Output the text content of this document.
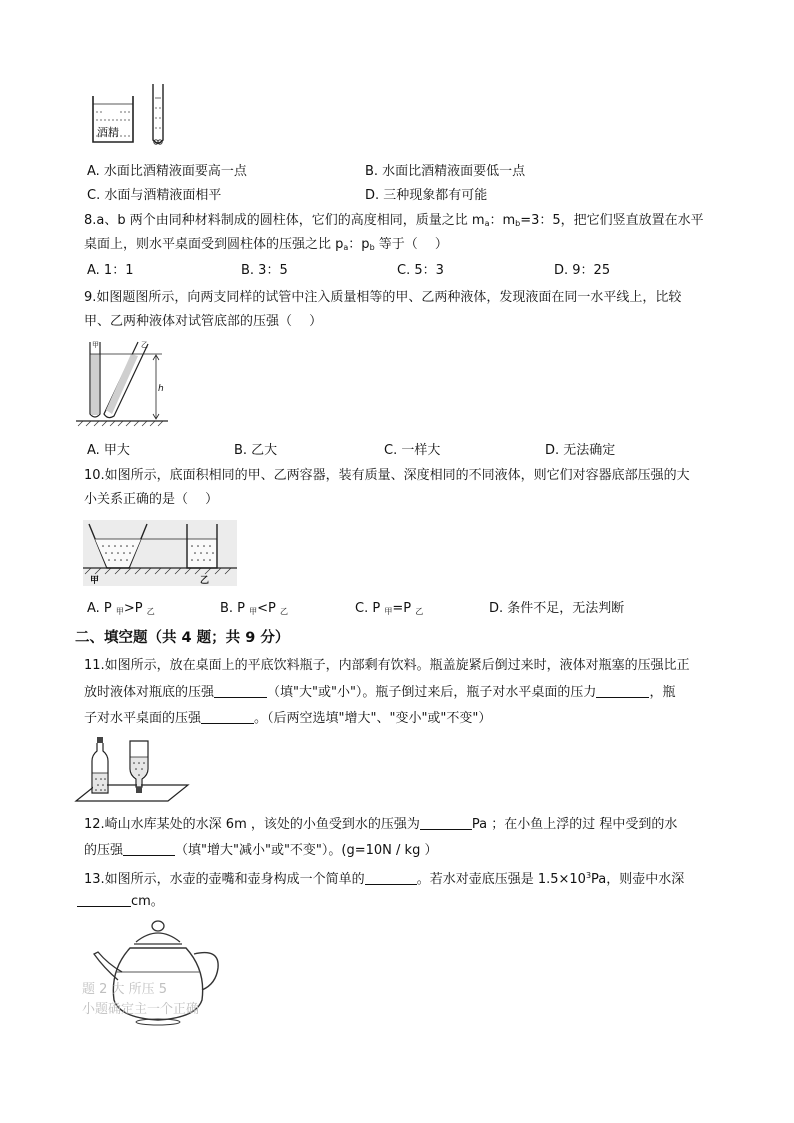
酒精
A. 水面比酒精液面要高一点	B. 水面比酒精液面要低一点
C. 水面与酒精液面相平	D. 三种现象都有可能
8.a、b 两个由同种材料制成的圆柱体，它们的高度相同，质量之比 $m_a$：$m_b=3$：5，把它们竖直放置在水平
桌面上，则水平桌面受到圆柱体的压强之比 $p_a$：$p_b$ 等于（　 ）
A. 1：1	B. 3：5	C. 5：3	D. 9：25
9.如图题图所示，向两支同样的试管中注入质量相等的甲、乙两种液体，发现液面在同一水平线上，比较
甲、乙两种液体对试管底部的压强（　 ）
甲	乙
h
A. 甲大	B. 乙大	C. 一样大	D. 无法确定
10.如图所示，底面积相同的甲、乙两容器，装有质量、深度相同的不同液体，则它们对容器底部压强的大
小关系正确的是（　 ）
甲	乙
A. P $_甲$>P $_乙$	B. P $_甲$<P $_乙$	C. P $_甲$=P $_乙$	D. 条件不足，无法判断
二、填空题（共 4 题；共 9 分）
11.如图所示，放在桌面上的平底饮料瓶子，内部剩有饮料。瓶盖旋紧后倒过来时，液体对瓶塞的压强比正
放时液体对瓶底的压强	（填"大"或"小"）。瓶子倒过来后，瓶子对水平桌面的压力	，瓶
子对水平桌面的压强	。（后两空选填"增大"、"变小"或"不变"）
12.崎山水库某处的水深 6m ，该处的小鱼受到水的压强为	Pa ；在小鱼上浮的过 程中受到的水
的压强	（填"增大"减小"或"不变"）。(g=10N / kg ）
13.如图所示，水壶的壶嘴和壶身构成一个简单的	。若水对壶底压强是 $1.5\times 10^3Pa$，则壶中水深
cm。
题 2 大 所压 5
小题确定主一个正确
